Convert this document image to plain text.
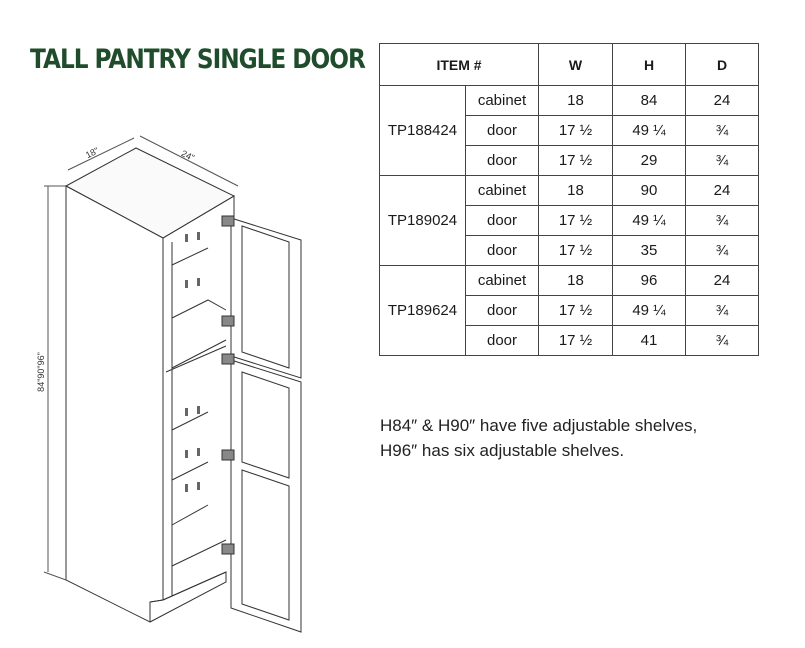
TALL PANTRY SINGLE DOOR
18"	24"
84"90"96"
ITEM #		W	H	D
TP188424	cabinet	18	84	24
	door	17 ½	49 ¼	¾
	door	17 ½	29	¾
TP189024	cabinet	18	90	24
	door	17 ½	49 ¼	¾
	door	17 ½	35	¾
TP189624	cabinet	18	96	24
	door	17 ½	49 ¼	¾
	door	17 ½	41	¾
H84″ & H90″ have five adjustable shelves,
H96″ has six adjustable shelves.
